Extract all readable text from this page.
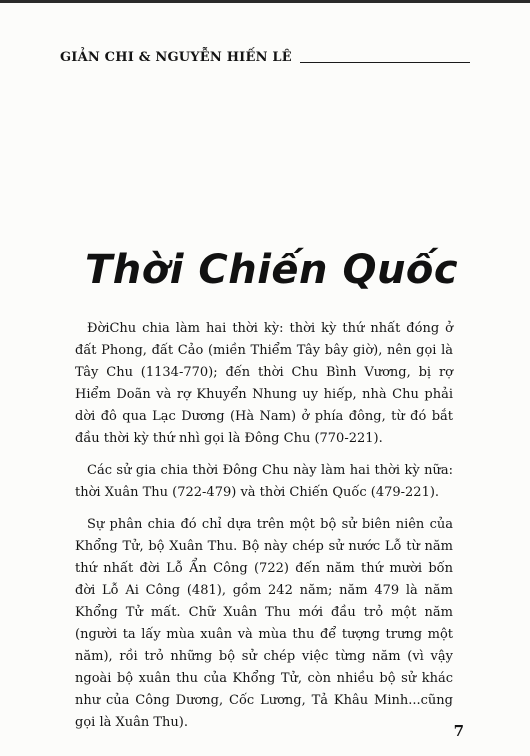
GIẢN CHI & NGUYỄN HIẾN LÊ
Thời Chiến Quốc

ĐờiChu chia làm hai thời kỳ: thời kỳ thứ nhất đóng ở đất Phong, đất Cảo (miền Thiểm Tây bây giờ), nên gọi là Tây Chu (1134-770); đến thời Chu Bình Vương, bị rợ Hiểm Doãn và rợ Khuyển Nhung uy hiếp, nhà Chu phải dời đô qua Lạc Dương (Hà Nam) ở phía đông, từ đó bắt đầu thời kỳ thứ nhì gọi là Đông Chu (770-221).

Các sử gia chia thời Đông Chu này làm hai thời kỳ nữa: thời Xuân Thu (722-479) và thời Chiến Quốc (479-221).

Sự phân chia đó chỉ dựa trên một bộ sử biên niên của Khổng Tử, bộ Xuân Thu. Bộ này chép sử nước Lỗ từ năm thứ nhất đời Lỗ Ẩn Công (722) đến năm thứ mười bốn đời Lỗ Ai Công (481), gồm 242 năm; năm 479 là năm Khổng Tử mất. Chữ Xuân Thu mới đầu trỏ một năm (người ta lấy mùa xuân và mùa thu để tượng trưng một năm), rồi trỏ những bộ sử chép việc từng năm (vì vậy ngoài bộ xuân thu của Khổng Tử, còn nhiều bộ sử khác như của Công Dương, Cốc Lương, Tả Khâu Minh...cũng gọi là Xuân Thu).	7
